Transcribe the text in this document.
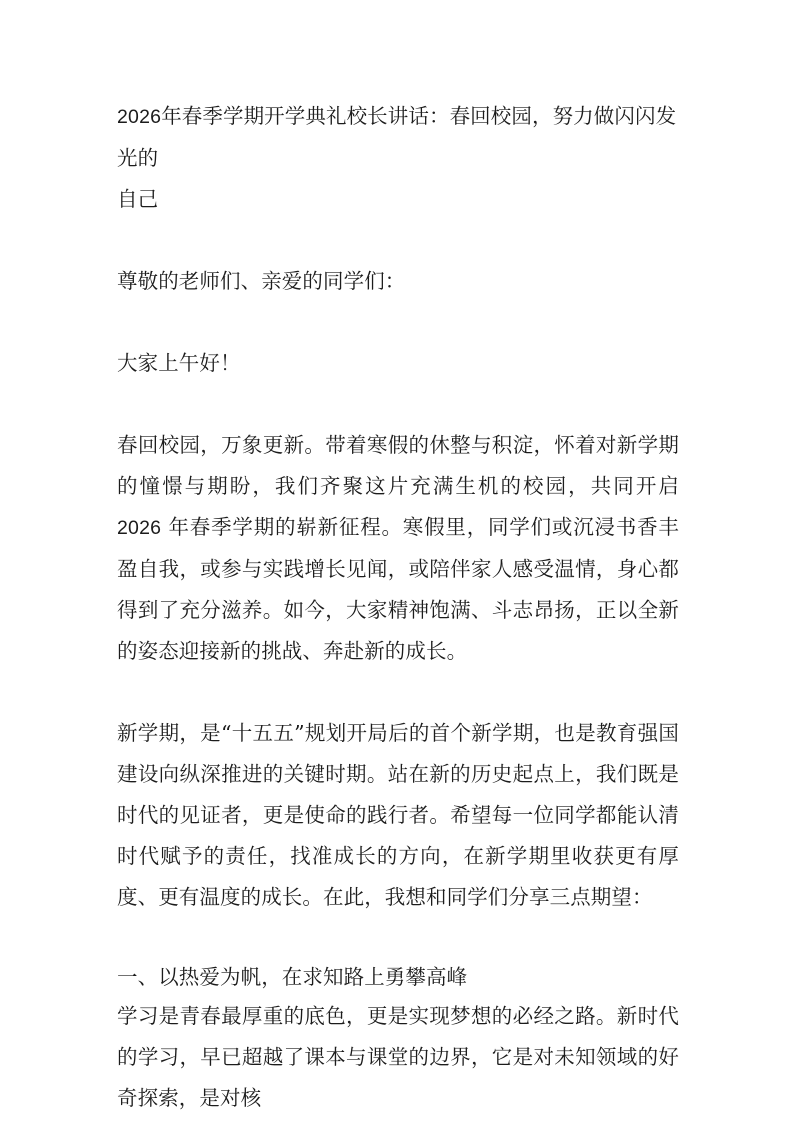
2026年春季学期开学典礼校长讲话：春回校园，努力做闪闪发光的
自己

尊敬的老师们、亲爱的同学们：

大家上午好！

春回校园，万象更新。带着寒假的休整与积淀，怀着对新学期的憧憬与期盼，我们齐聚这片充满生机的校园，共同开启 2026 年春季学期的崭新征程。寒假里，同学们或沉浸书香丰盈自我，或参与实践增长见闻，或陪伴家人感受温情，身心都得到了充分滋养。如今，大家精神饱满、斗志昂扬，正以全新的姿态迎接新的挑战、奔赴新的成长。

新学期，是“十五五”规划开局后的首个新学期，也是教育强国建设向纵深推进的关键时期。站在新的历史起点上，我们既是时代的见证者，更是使命的践行者。希望每一位同学都能认清时代赋予的责任，找准成长的方向，在新学期里收获更有厚度、更有温度的成长。在此，我想和同学们分享三点期望：

一、以热爱为帆，在求知路上勇攀高峰

学习是青春最厚重的底色，更是实现梦想的必经之路。新时代的学习，早已超越了课本与课堂的边界，它是对未知领域的好奇探索，是对核
